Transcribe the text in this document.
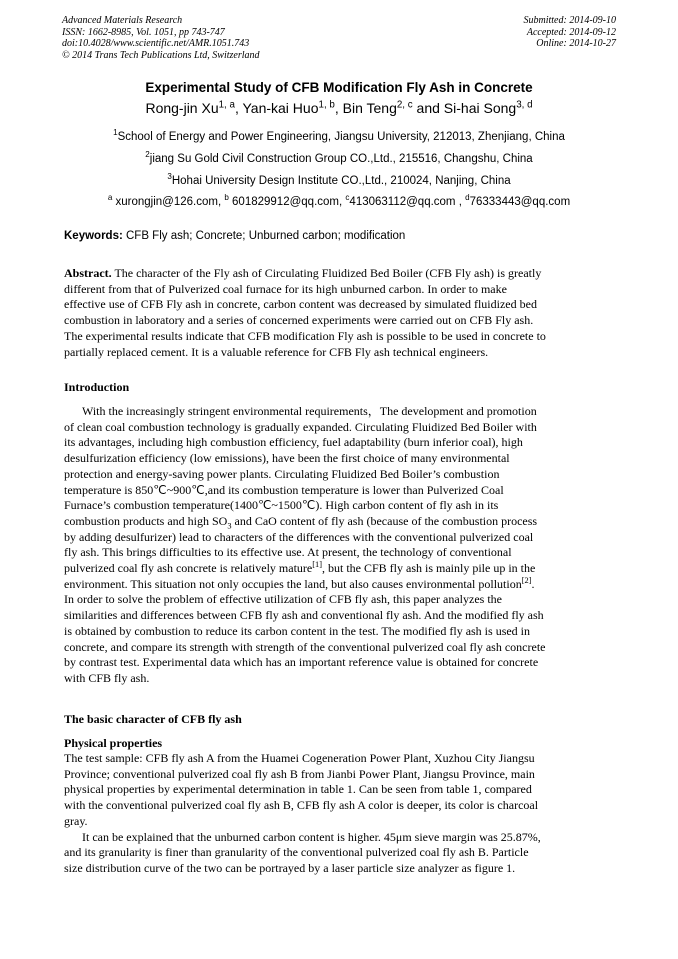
Advanced Materials Research
ISSN: 1662-8985, Vol. 1051, pp 743-747
doi:10.4028/www.scientific.net/AMR.1051.743
© 2014 Trans Tech Publications Ltd, Switzerland
Submitted: 2014-09-10
Accepted: 2014-09-12
Online: 2014-10-27
Experimental Study of CFB Modification Fly Ash in Concrete
Rong-jin Xu$^{1, a}$, Yan-kai Huo$^{1, b}$, Bin Teng$^{2, c}$ and Si-hai Song$^{3, d}$
$^1$School of Energy and Power Engineering, Jiangsu University, 212013, Zhenjiang, China
$^2$jiang Su Gold Civil Construction Group CO.,Ltd., 215516, Changshu, China
$^3$Hohai University Design Institute CO.,Ltd., 210024, Nanjing, China
$^a$ xurongjin@126.com, $^b$ 601829912@qq.com, $^c$413063112@qq.com , $^d$76333443@qq.com
Keywords: CFB Fly ash; Concrete; Unburned carbon; modification
Abstract. The character of the Fly ash of Circulating Fluidized Bed Boiler (CFB Fly ash) is greatly
different from that of Pulverized coal furnace for its high unburned carbon. In order to make
effective use of CFB Fly ash in concrete, carbon content was decreased by simulated fluidized bed
combustion in laboratory and a series of concerned experiments were carried out on CFB Fly ash.
The experimental results indicate that CFB modification Fly ash is possible to be used in concrete to
partially replaced cement. It is a valuable reference for CFB Fly ash technical engineers.
Introduction
With the increasingly stringent environmental requirements，The development and promotion
of clean coal combustion technology is gradually expanded. Circulating Fluidized Bed Boiler with
its advantages, including high combustion efficiency, fuel adaptability (burn inferior coal), high
desulfurization efficiency (low emissions), have been the first choice of many environmental
protection and energy-saving power plants. Circulating Fluidized Bed Boiler’s combustion
temperature is 850℃~900℃,and its combustion temperature is lower than Pulverized Coal
Furnace’s combustion temperature(1400℃~1500℃). High carbon content of fly ash in its
combustion products and high $SO_3$ and CaO content of fly ash (because of the combustion process
by adding desulfurizer) lead to characters of the differences with the conventional pulverized coal
fly ash. This brings difficulties to its effective use. At present, the technology of conventional
pulverized coal fly ash concrete is relatively mature[1], but the CFB fly ash is mainly pile up in the
environment. This situation not only occupies the land, but also causes environmental pollution[2].
In order to solve the problem of effective utilization of CFB fly ash, this paper analyzes the
similarities and differences between CFB fly ash and conventional fly ash. And the modified fly ash
is obtained by combustion to reduce its carbon content in the test. The modified fly ash is used in
concrete, and compare its strength with strength of the conventional pulverized coal fly ash concrete
by contrast test. Experimental data which has an important reference value is obtained for concrete
with CFB fly ash.
The basic character of CFB fly ash
Physical properties
The test sample: CFB fly ash A from the Huamei Cogeneration Power Plant, Xuzhou City Jiangsu
Province; conventional pulverized coal fly ash B from Jianbi Power Plant, Jiangsu Province, main
physical properties by experimental determination in table 1. Can be seen from table 1, compared
with the conventional pulverized coal fly ash B, CFB fly ash A color is deeper, its color is charcoal
gray.
It can be explained that the unburned carbon content is higher. 45μm sieve margin was 25.87%,
and its granularity is finer than granularity of the conventional pulverized coal fly ash B. Particle
size distribution curve of the two can be portrayed by a laser particle size analyzer as figure 1.
